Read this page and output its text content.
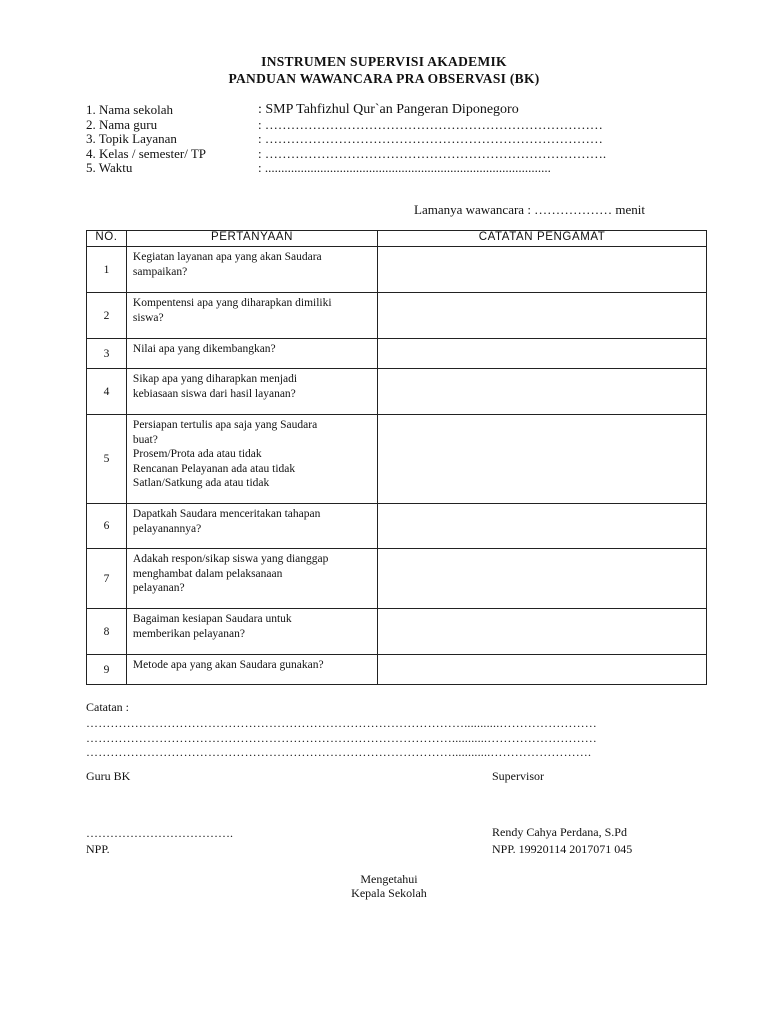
INSTRUMEN SUPERVISI AKADEMIK
PANDUAN WAWANCARA PRA OBSERVASI (BK)
1. Nama sekolah	: SMP Tahfizhul Qur`an Pangeran Diponegoro
2. Nama guru	: ……………………………………………………………………
3. Topik Layanan	: ……………………………………………………………………
4. Kelas / semester/ TP	: …………………………………………………………………….
5. Waktu	: ........................................................................................
Lamanya wawancara : ……………… menit
NO.	PERTANYAAN	CATATAN PENGAMAT
1	Kegiatan layanan apa yang akan Saudara
sampaikan?	

2	Kompentensi apa yang diharapkan dimiliki
siswa?	

3	Nilai apa yang dikembangkan?	

4	Sikap apa yang diharapkan menjadi
kebiasaan siswa dari hasil layanan?	

5	Persiapan tertulis apa saja yang Saudara
buat?
Prosem/Prota ada atau tidak
Rencanan Pelayanan ada atau tidak
Satlan/Satkung ada atau tidak	

6	Dapatkah Saudara menceritakan tahapan
pelayanannya?	

7	Adakah respon/sikap siswa yang dianggap
menghambat dalam pelaksanaan
pelayanan?	

8	Bagaiman kesiapan Saudara untuk
memberikan pelayanan?	

9	Metode apa yang akan Saudara gunakan?	

Catatan :
…………………………………………………………………………………...........……………………
………………………………………………………………………………...........………………………
………………………………………………………………………………............…………………….
Guru BK
……………………………….
NPP.
Supervisor
Rendy Cahya Perdana, S.Pd
NPP. 19920114 2017071 045
Mengetahui
Kepala Sekolah
